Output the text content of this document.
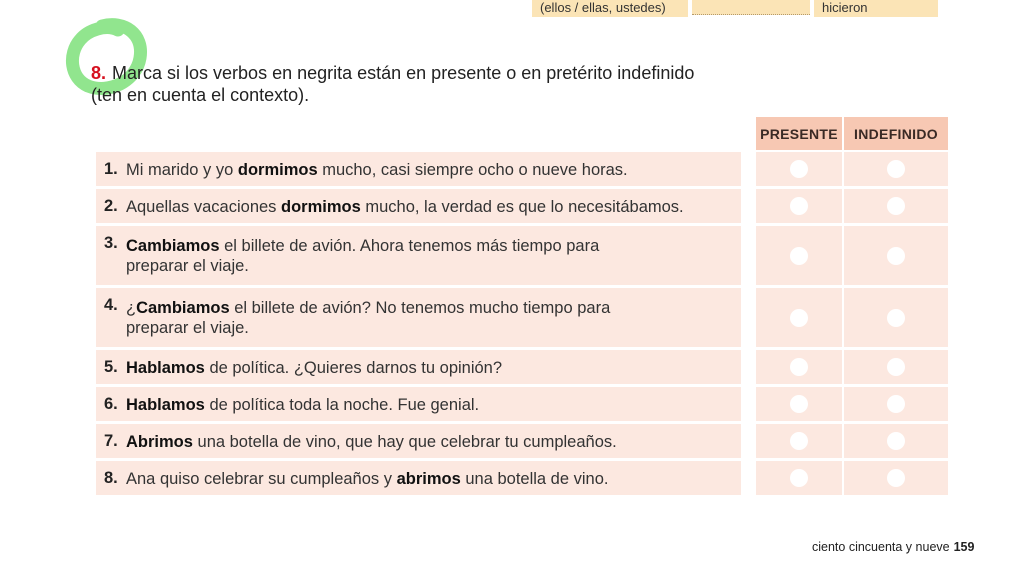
(ellos / ellas, ustedes)	hicieron
8. Marca si los verbos en negrita están en presente o en pretérito indefinido
(ten en cuenta el contexto).
PRESENTE	INDEFINIDO
1. Mi marido y yo dormimos mucho, casi siempre ocho o nueve horas.
2. Aquellas vacaciones dormimos mucho, la verdad es que lo necesitábamos.
3. Cambiamos el billete de avión. Ahora tenemos más tiempo para preparar el viaje.
4. ¿Cambiamos el billete de avión? No tenemos mucho tiempo para preparar el viaje.
5. Hablamos de política. ¿Quieres darnos tu opinión?
6. Hablamos de política toda la noche. Fue genial.
7. Abrimos una botella de vino, que hay que celebrar tu cumpleaños.
8. Ana quiso celebrar su cumpleaños y abrimos una botella de vino.
ciento cincuenta y nueve 159
